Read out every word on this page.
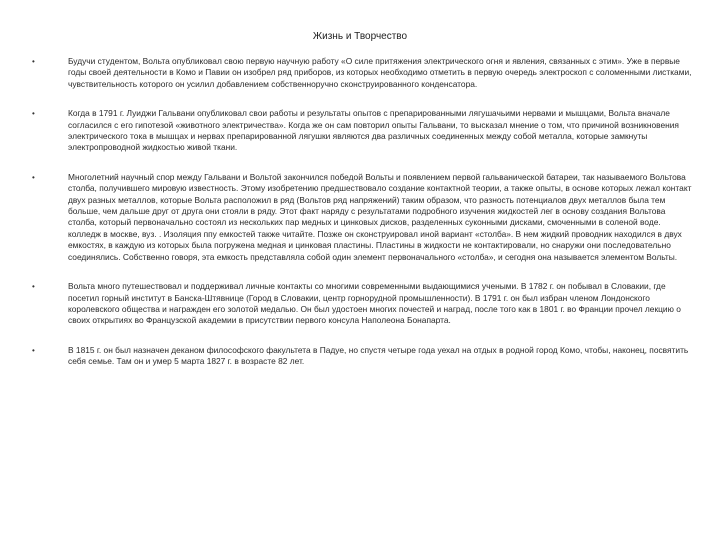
Жизнь и Творчество
•	Будучи студентом, Вольта опубликовал свою первую научную работу «О силе притяжения электрического огня и явления, связанных с этим». Уже в первые годы своей деятельности в Комо и Павии он изобрел ряд приборов, из которых необходимо отметить в первую очередь электроскоп с соломенными листками, чувствительность которого он усилил добавлением собственноручно сконструированного конденсатора.
•	Когда в 1791 г. Луиджи Гальвани опубликовал свои работы и результаты опытов с препарированными лягушачьими нервами и мышцами, Вольта вначале согласился с его гипотезой «животного электричества». Когда же он сам повторил опыты Гальвани, то высказал мнение о том, что причиной возникновения электрического тока в мышцах и нервах препарированной лягушки являются два различных соединенных между собой металла, которые замкнуты электропроводной жидкостью живой ткани.
•	Многолетний научный спор между Гальвани и Вольтой закончился победой Вольты и появлением первой гальванической батареи, так называемого Вольтова столба, получившего мировую известность. Этому изобретению предшествовало создание контактной теории, а также опыты, в основе которых лежал контакт двух разных металлов, которые Вольта расположил в ряд (Вольтов ряд напряжений) таким образом, что разность потенциалов двух металлов была тем больше, чем дальше друг от друга они стояли в ряду. Этот факт наряду с результатами подробного изучения жидкостей лег в основу создания Вольтова столба, который первоначально состоял из нескольких пар медных и цинковых дисков, разделенных суконными дисками, смоченными в соленой воде. колледж в москве, вуз. . Изоляция ппу емкостей также читайте. Позже он сконструировал иной вариант «столба». В нем жидкий проводник находился в двух емкостях, в каждую из которых была погружена медная и цинковая пластины. Пластины в жидкости не контактировали, но снаружи они последовательно соединялись. Собственно говоря, эта емкость представляла собой один элемент первоначального «столба», и сегодня она называется элементом Вольты.
•	Вольта много путешествовал и поддерживал личные контакты со многими современными выдающимися учеными. В 1782 г. он побывал в Словакии, где посетил горный институт в Банска-Штявнице (Город в Словакии, центр горнорудной промышленности). В 1791 г. он был избран членом Лондонского королевского общества и награжден его золотой медалью. Он был удостоен многих почестей и наград, после того как в 1801 г. во Франции прочел лекцию о своих открытиях во Французской академии в присутствии первого консула Наполеона Бонапарта.
•	В 1815 г. он был назначен деканом философского факультета в Падуе, но спустя четыре года уехал на отдых в родной город Комо, чтобы, наконец, посвятить себя семье. Там он и умер 5 марта 1827 г. в возрасте 82 лет.
